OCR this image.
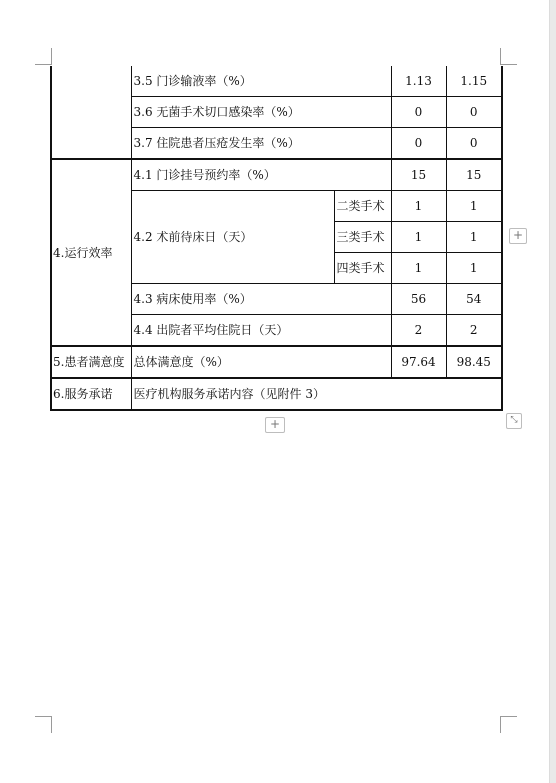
	3.5 门诊输液率（%）		1.13	1.15
	3.6 无菌手术切口感染率（%）		0	0
	3.7 住院患者压疮发生率（%）		0	0
4.运行效率	4.1 门诊挂号预约率（%）		15	15
	4.2 术前待床日（天）	二类手术	1	1
		三类手术	1	1
		四类手术	1	1
	4.3 病床使用率（%）		56	54
	4.4 出院者平均住院日（天）		2	2
5.患者满意度	总体满意度（%）		97.64	98.45
6.服务承诺	医疗机构服务承诺内容（见附件 3）			
+
+	⤡
